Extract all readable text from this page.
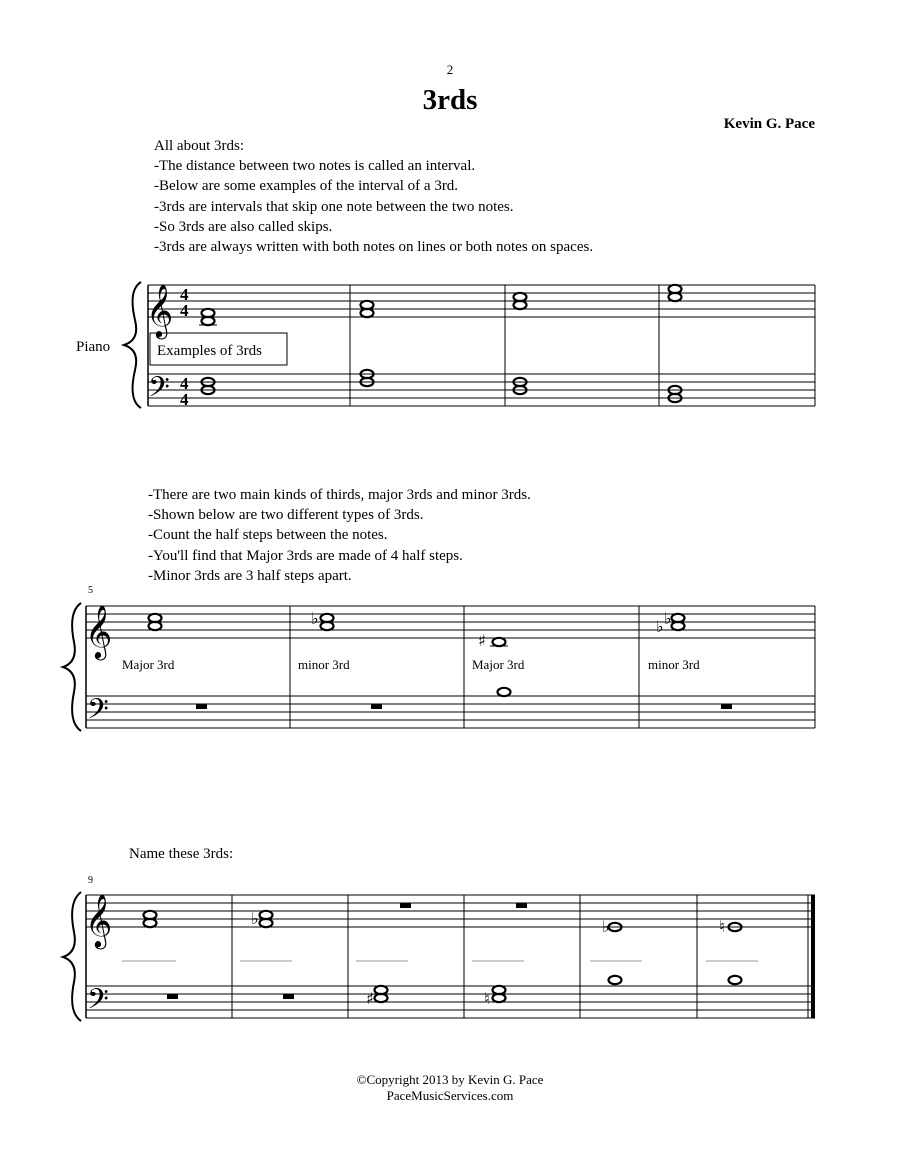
2
3rds
Kevin G. Pace
All about 3rds:
-The distance between two notes is called an interval.
-Below are some examples of the interval of a 3rd.
-3rds are intervals that skip one note between the two notes.
-So 3rds are also called skips.
-3rds are always written with both notes on lines or both notes on spaces.
-There are two main kinds of thirds, major 3rds and minor 3rds.
-Shown below are two different types of 3rds.
-Count the half steps between the notes.
-You'll find that Major 3rds are made of 4 half steps.
-Minor 3rds are 3 half steps apart.
Name these 3rds:
©Copyright 2013 by Kevin G. Pace
PaceMusicServices.com
𝄞
𝄢
𝄞
𝄢
𝄞
𝄢
4
4
4
4
Piano	Examples of 3rds
5
9
Major 3rd	minor 3rd	Major 3rd	minor 3rd
♭
♯
♭ ♭
♭	♭	♮
♯	♮
